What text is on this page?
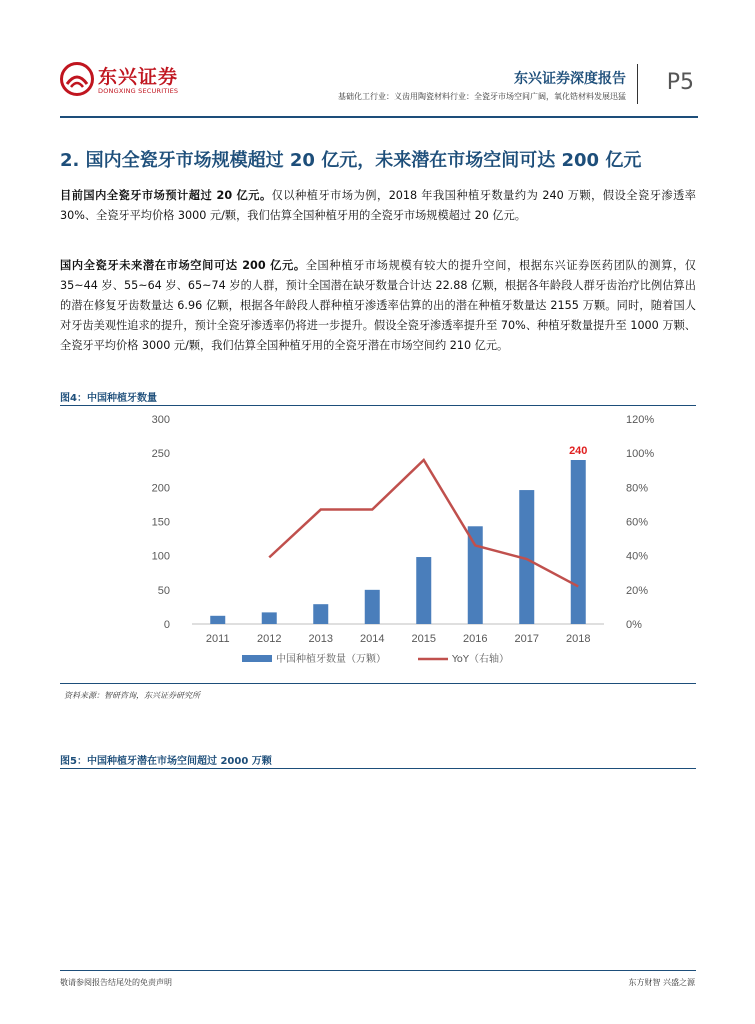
东兴证券
DONGXING SECURITIES
东兴证券深度报告
基础化工行业：义齿用陶瓷材料行业：全瓷牙市场空间广阔，氧化锆材料发展迅猛
P5
2. 国内全瓷牙市场规模超过 20 亿元，未来潜在市场空间可达 200 亿元
目前国内全瓷牙市场预计超过 20 亿元。仅以种植牙市场为例，2018 年我国种植牙数量约为 240 万颗，假设全瓷牙渗透率 30%、全瓷牙平均价格 3000 元/颗，我们估算全国种植牙用的全瓷牙市场规模超过 20 亿元。
国内全瓷牙未来潜在市场空间可达 200 亿元。全国种植牙市场规模有较大的提升空间，根据东兴证券医药团队的测算，仅 35~44 岁、55~64 岁、65~74 岁的人群，预计全国潜在缺牙数量合计达 22.88 亿颗，根据各年龄段人群牙齿治疗比例估算出的潜在修复牙齿数量达 6.96 亿颗，根据各年龄段人群种植牙渗透率估算的出的潜在种植牙数量达 2155 万颗。同时，随着国人对牙齿美观性追求的提升，预计全瓷牙渗透率仍将进一步提升。假设全瓷牙渗透率提升至 70%、种植牙数量提升至 1000 万颗、全瓷牙平均价格 3000 元/颗，我们估算全国种植牙用的全瓷牙潜在市场空间约 210 亿元。
图4：中国种植牙数量
0
50
100
150
200
250
300
0%
20%
40%
60%
80%
100%
120%
2011 2012 2013 2014 2015 2016 2017 2018
240
中国种植牙数量（万颗）	YoY（右轴）
资料来源：智研咨询，东兴证券研究所
图5：中国种植牙潜在市场空间超过 2000 万颗
敬请参阅报告结尾处的免责声明	东方财智 兴盛之源
